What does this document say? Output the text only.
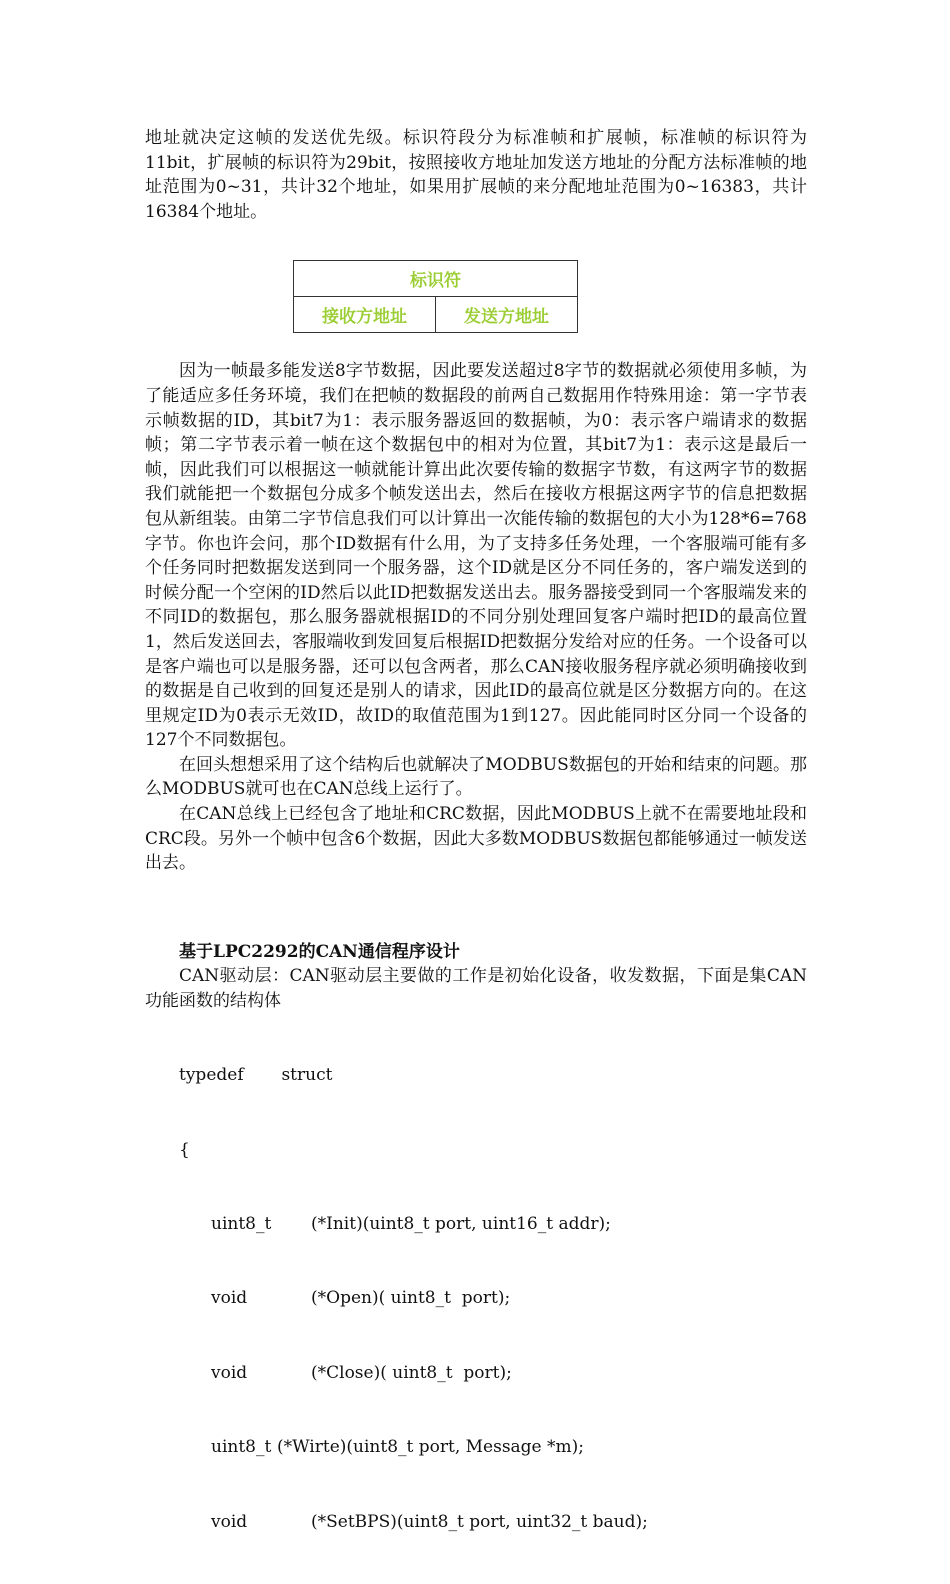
地址就决定这帧的发送优先级。标识符段分为标准帧和扩展帧，标准帧的标识符为11bit，扩展帧的标识符为29bit，按照接收方地址加发送方地址的分配方法标准帧的地址范围为0~31，共计32个地址，如果用扩展帧的来分配地址范围为0~16383，共计16384个地址。

标识符
接收方地址	发送方地址

因为一帧最多能发送8字节数据，因此要发送超过8字节的数据就必须使用多帧，为了能适应多任务环境，我们在把帧的数据段的前两自己数据用作特殊用途：第一字节表示帧数据的ID，其bit7为1：表示服务器返回的数据帧，为0：表示客户端请求的数据帧；第二字节表示着一帧在这个数据包中的相对为位置，其bit7为1：表示这是最后一帧，因此我们可以根据这一帧就能计算出此次要传输的数据字节数，有这两字节的数据我们就能把一个数据包分成多个帧发送出去，然后在接收方根据这两字节的信息把数据包从新组装。由第二字节信息我们可以计算出一次能传输的数据包的大小为128*6=768字节。你也许会问，那个ID数据有什么用，为了支持多任务处理，一个客服端可能有多个任务同时把数据发送到同一个服务器，这个ID就是区分不同任务的，客户端发送到的时候分配一个空闲的ID然后以此ID把数据发送出去。服务器接受到同一个客服端发来的不同ID的数据包，那么服务器就根据ID的不同分别处理回复客户端时把ID的最高位置1，然后发送回去，客服端收到发回复后根据ID把数据分发给对应的任务。一个设备可以是客户端也可以是服务器，还可以包含两者，那么CAN接收服务程序就必须明确接收到的数据是自己收到的回复还是别人的请求，因此ID的最高位就是区分数据方向的。在这里规定ID为0表示无效ID，故ID的取值范围为1到127。因此能同时区分同一个设备的127个不同数据包。

在回头想想采用了这个结构后也就解决了MODBUS数据包的开始和结束的问题。那么MODBUS就可也在CAN总线上运行了。

在CAN总线上已经包含了地址和CRC数据，因此MODBUS上就不在需要地址段和CRC段。另外一个帧中包含6个数据，因此大多数MODBUS数据包都能够通过一帧发送出去。

基于LPC2292的CAN通信程序设计

CAN驱动层：CAN驱动层主要做的工作是初始化设备，收发数据，下面是集CAN功能函数的结构体

typedef       struct

{

uint8_t (*Init)(uint8_t port, uint16_t addr);

void	(*Open)( uint8_t  port);

void	(*Close)( uint8_t  port);

uint8_t (*Wirte)(uint8_t port, Message *m);

void	(*SetBPS)(uint8_t port, uint32_t baud);
